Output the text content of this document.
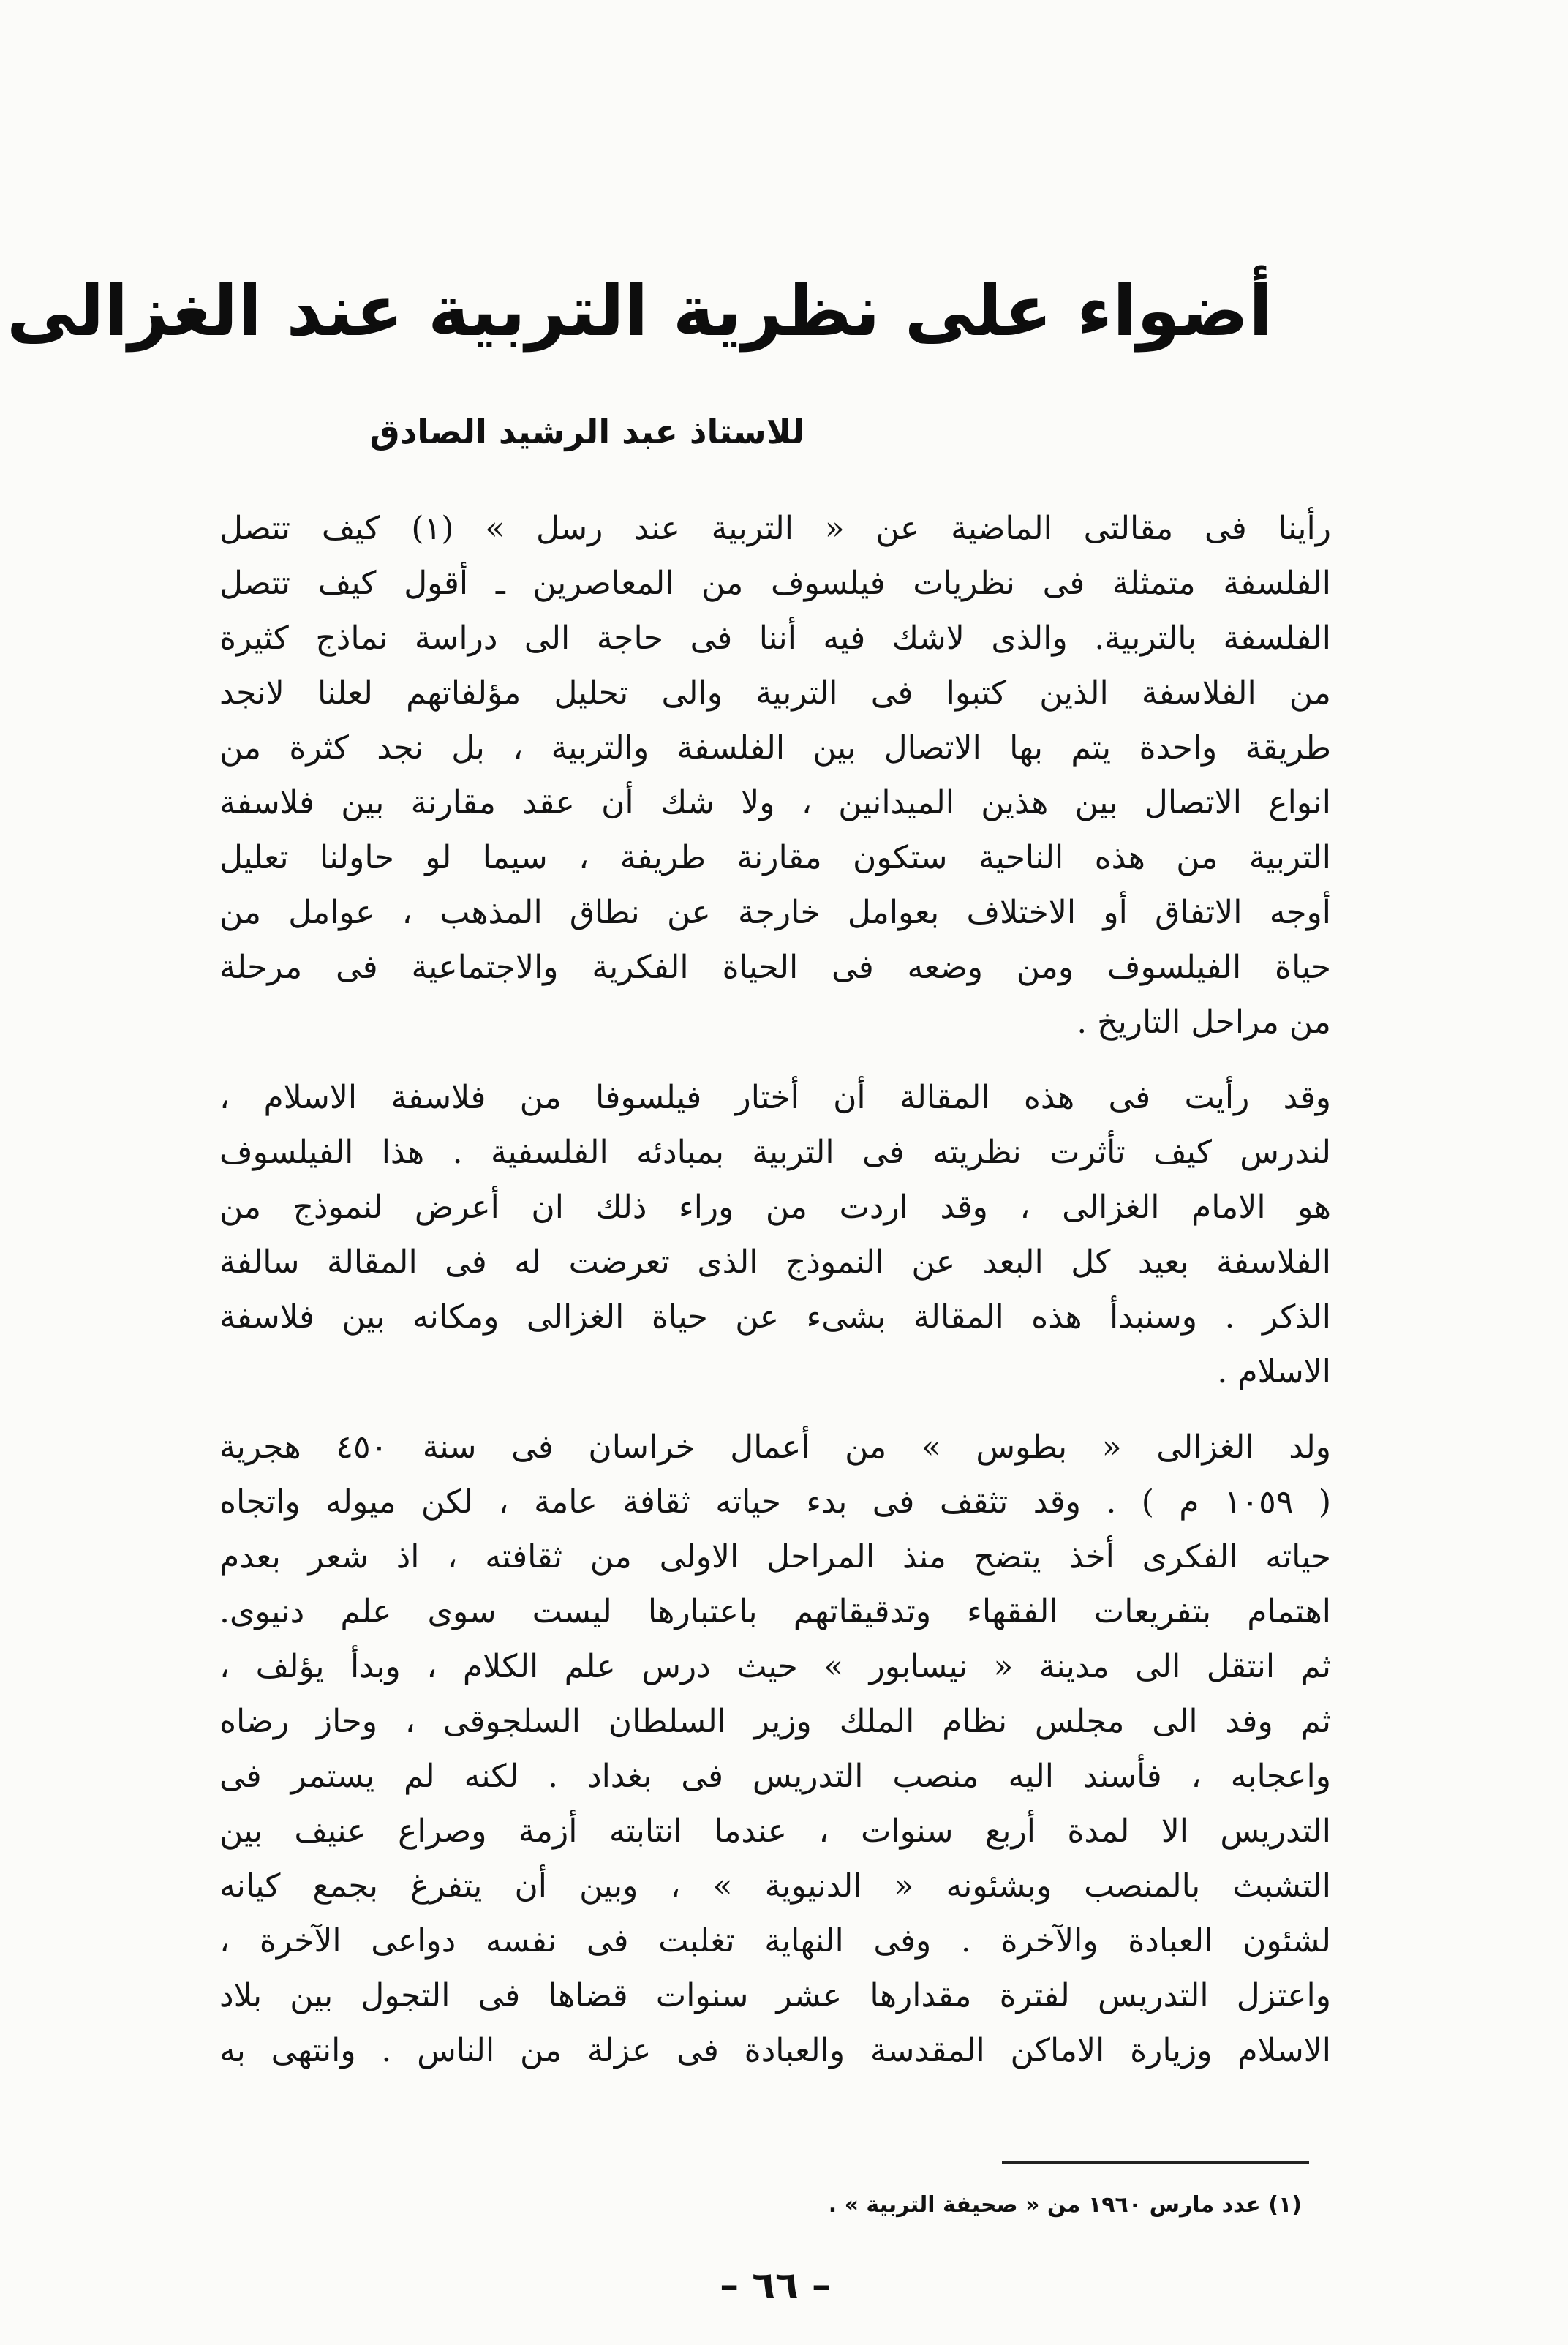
أضواء على نظرية التربية عند الغزالى
للاستاذ عبد الرشيد الصادق
رأينا فى مقالتى الماضية عن « التربية عند رسل » (١) كيف تتصل
الفلسفة متمثلة فى نظريات فيلسوف من المعاصرين ـ أقول كيف تتصل
الفلسفة بالتربية. والذى لاشك فيه أننا فى حاجة الى دراسة نماذج كثيرة
من الفلاسفة الذين كتبوا فى التربية والى تحليل مؤلفاتهم لعلنا لانجد
طريقة واحدة يتم بها الاتصال بين الفلسفة والتربية ، بل نجد كثرة من
انواع الاتصال بين هذين الميدانين ، ولا شك أن عقد مقارنة بين فلاسفة
التربية من هذه الناحية ستكون مقارنة طريفة ، سيما لو حاولنا تعليل
أوجه الاتفاق أو الاختلاف بعوامل خارجة عن نطاق المذهب ، عوامل من
حياة الفيلسوف ومن وضعه فى الحياة الفكرية والاجتماعية فى مرحلة
من مراحل التاريخ .
وقد رأيت فى هذه المقالة أن أختار فيلسوفا من فلاسفة الاسلام ،
لندرس كيف تأثرت نظريته فى التربية بمبادئه الفلسفية . هذا الفيلسوف
هو الامام الغزالى ، وقد اردت من وراء ذلك ان أعرض لنموذج من
الفلاسفة بعيد كل البعد عن النموذج الذى تعرضت له فى المقالة سالفة
الذكر . وسنبدأ هذه المقالة بشىء عن حياة الغزالى ومكانه بين فلاسفة
الاسلام .
ولد الغزالى « بطوس » من أعمال خراسان فى سنة ٤٥٠ هجرية
( ١٠٥٩ م ) . وقد تثقف فى بدء حياته ثقافة عامة ، لكن ميوله واتجاه
حياته الفكرى أخذ يتضح منذ المراحل الاولى من ثقافته ، اذ شعر بعدم
اهتمام بتفريعات الفقهاء وتدقيقاتهم باعتبارها ليست سوى علم دنيوى.
ثم انتقل الى مدينة « نيسابور » حيث درس علم الكلام ، وبدأ يؤلف ،
ثم وفد الى مجلس نظام الملك وزير السلطان السلجوقى ، وحاز رضاه
واعجابه ، فأسند اليه منصب التدريس فى بغداد . لكنه لم يستمر فى
التدريس الا لمدة أربع سنوات ، عندما انتابته أزمة وصراع عنيف بين
التشبث بالمنصب وبشئونه « الدنيوية » ، وبين أن يتفرغ بجمع كيانه
لشئون العبادة والآخرة . وفى النهاية تغلبت فى نفسه دواعى الآخرة ،
واعتزل التدريس لفترة مقدارها عشر سنوات قضاها فى التجول بين بلاد
الاسلام وزيارة الاماكن المقدسة والعبادة فى عزلة من الناس . وانتهى به
(١) عدد مارس ١٩٦٠ من « صحيفة التربية » .
– ٦٦ –
